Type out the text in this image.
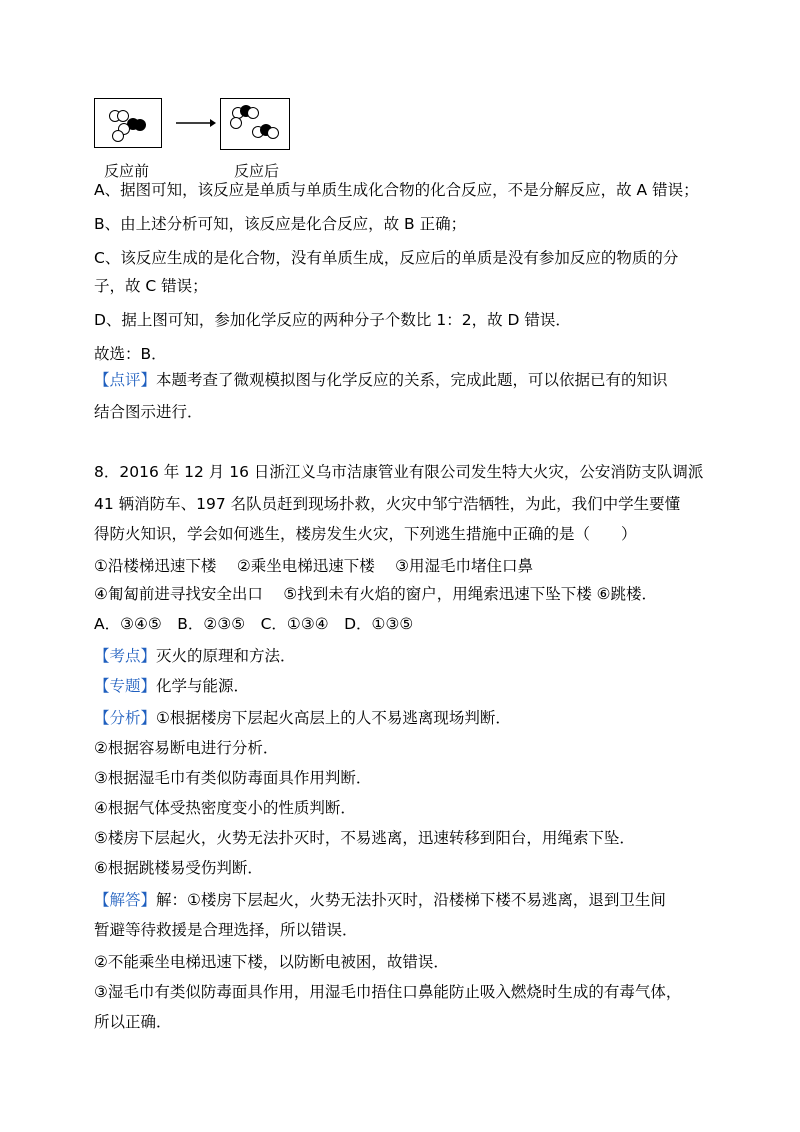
反应前	反应后
A、据图可知，该反应是单质与单质生成化合物的化合反应，不是分解反应，故 A 错误；
B、由上述分析可知，该反应是化合反应，故 B 正确；
C、该反应生成的是化合物，没有单质生成，反应后的单质是没有参加反应的物质的分
子，故 C 错误；
D、据上图可知，参加化学反应的两种分子个数比 1：2，故 D 错误．
故选：B．
【点评】本题考查了微观模拟图与化学反应的关系，完成此题，可以依据已有的知识
结合图示进行．
8．2016 年 12 月 16 日浙江义乌市洁康管业有限公司发生特大火灾，公安消防支队调派
41 辆消防车、197 名队员赶到现场扑救，火灾中邹宁浩牺牲，为此，我们中学生要懂
得防火知识，学会如何逃生，楼房发生火灾，下列逃生措施中正确的是（　　）
①沿楼梯迅速下楼　 ②乘坐电梯迅速下楼　 ③用湿毛巾堵住口鼻
④匍匐前进寻找安全出口　 ⑤找到未有火焰的窗户，用绳索迅速下坠下楼 ⑥跳楼．
A．③④⑤　B．②③⑤　C．①③④　D．①③⑤
【考点】灭火的原理和方法．
【专题】化学与能源．
【分析】①根据楼房下层起火高层上的人不易逃离现场判断．
②根据容易断电进行分析．
③根据湿毛巾有类似防毒面具作用判断．
④根据气体受热密度变小的性质判断．
⑤楼房下层起火，火势无法扑灭时，不易逃离，迅速转移到阳台，用绳索下坠．
⑥根据跳楼易受伤判断．
【解答】解：①楼房下层起火，火势无法扑灭时，沿楼梯下楼不易逃离，退到卫生间
暂避等待救援是合理选择，所以错误．
②不能乘坐电梯迅速下楼，以防断电被困，故错误．
③湿毛巾有类似防毒面具作用，用湿毛巾捂住口鼻能防止吸入燃烧时生成的有毒气体，
所以正确．
